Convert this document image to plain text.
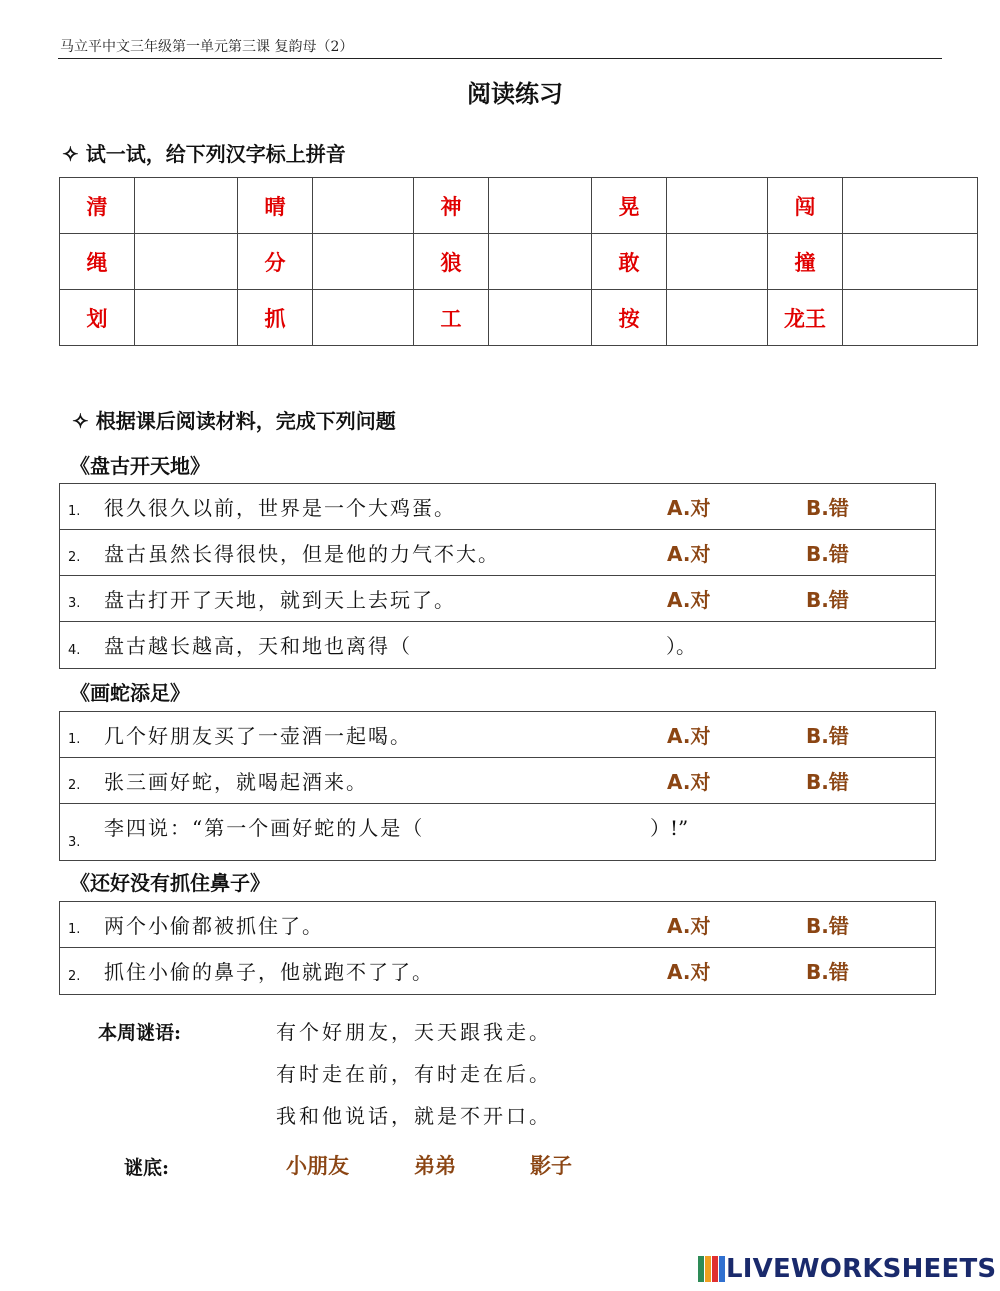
马立平中文三年级第一单元第三课 复韵母（2）
阅读练习
✧ 试一试，给下列汉字标上拼音
清		晴		神		晃		闯	
绳		分		狼		敢		撞	
划		抓		工		按		龙王	
✧ 根据课后阅读材料，完成下列问题
《盘古开天地》
1. 很久很久以前，世界是一个大鸡蛋。	A.对	B.错
2. 盘古虽然长得很快，但是他的力气不大。	A.对	B.错
3. 盘古打开了天地，就到天上去玩了。	A.对	B.错
4. 盘古越长越高，天和地也离得（	）。
《画蛇添足》
1. 几个好朋友买了一壶酒一起喝。	A.对	B.错
2. 张三画好蛇，就喝起酒来。	A.对	B.错
3.
李四说：“第一个画好蛇的人是（	）!”
《还好没有抓住鼻子》
1. 两个小偷都被抓住了。	A.对	B.错
2. 抓住小偷的鼻子，他就跑不了了。	A.对	B.错
本周谜语:	有个好朋友，天天跟我走。
有时走在前，有时走在后。
我和他说话，就是不开口。
谜底:	小朋友	弟弟	影子
LIVEWORKSHEETS
